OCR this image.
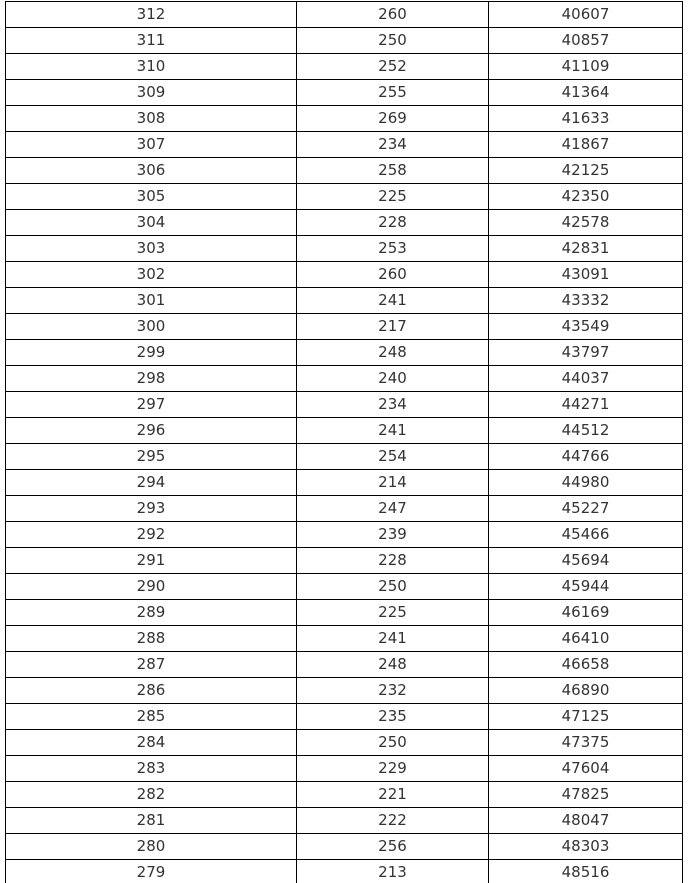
312	260	40607
311	250	40857
310	252	41109
309	255	41364
308	269	41633
307	234	41867
306	258	42125
305	225	42350
304	228	42578
303	253	42831
302	260	43091
301	241	43332
300	217	43549
299	248	43797
298	240	44037
297	234	44271
296	241	44512
295	254	44766
294	214	44980
293	247	45227
292	239	45466
291	228	45694
290	250	45944
289	225	46169
288	241	46410
287	248	46658
286	232	46890
285	235	47125
284	250	47375
283	229	47604
282	221	47825
281	222	48047
280	256	48303
279	213	48516
